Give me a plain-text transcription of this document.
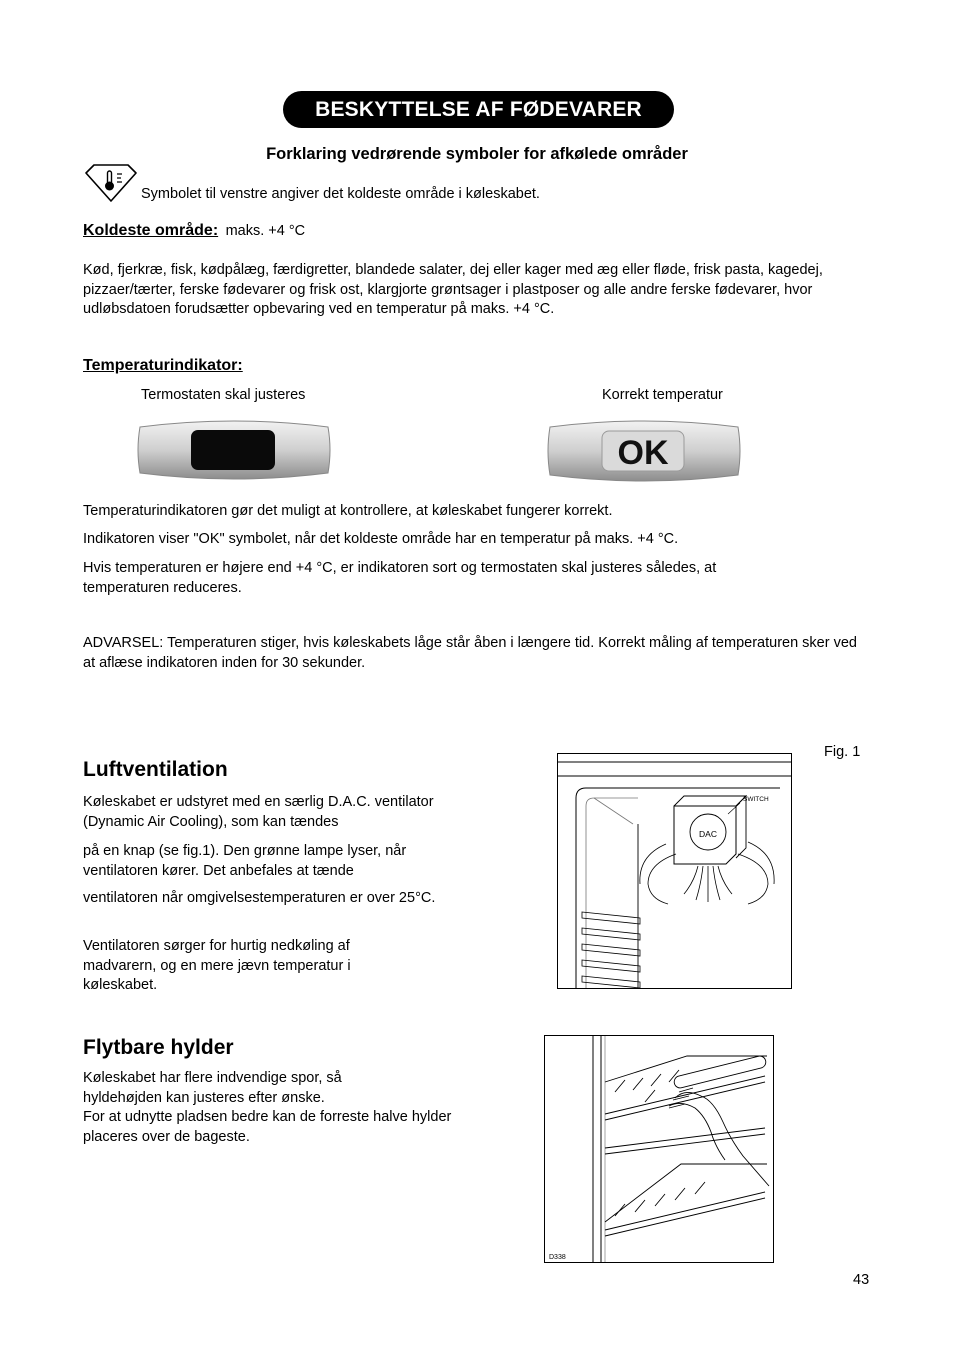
BESKYTTELSE AF FØDEVARER
Forklaring vedrørende symboler for afkølede områder
Symbolet til venstre angiver det koldeste område i køleskabet.
Koldeste område: maks. +4 °C
Kød, fjerkræ, fisk, kødpålæg, færdigretter, blandede salater, dej eller kager med æg eller fløde, frisk pasta, kagedej, pizzaer/tærter, ferske fødevarer og frisk ost, klargjorte grøntsager i plastposer og alle andre ferske fødevarer, hvor udløbsdatoen forudsætter opbevaring ved en temperatur på maks. +4 °C.
Temperaturindikator:
Termostaten skal justeres	Korrekt temperatur
OK
Temperaturindikatoren gør det muligt at kontrollere, at køleskabet fungerer korrekt.
Indikatoren viser "OK" symbolet, når det koldeste område har en temperatur på maks. +4 °C.
Hvis temperaturen er højere end +4 °C, er indikatoren sort og termostaten skal justeres således, at temperaturen reduceres.
ADVARSEL: Temperaturen stiger, hvis køleskabets låge står åben i længere tid. Korrekt måling af temperaturen sker ved at aflæse indikatoren inden for 30 sekunder.
Luftventilation
Køleskabet er udstyret med en særlig D.A.C. ventilator (Dynamic Air Cooling), som kan tændes
på en knap (se fig.1). Den grønne lampe lyser, når ventilatoren kører. Det anbefales at tænde
ventilatoren når omgivelsestemperaturen er over 25°C.
Ventilatoren sørger for hurtig nedkøling af madvarern, og en mere jævn temperatur i køleskabet.
Fig. 1
DAC
SWITCH
Flytbare hylder
Køleskabet har flere indvendige spor, så hyldehøjden kan justeres efter ønske.
For at udnytte pladsen bedre kan de forreste halve hylder placeres over de bageste.
D338
43
